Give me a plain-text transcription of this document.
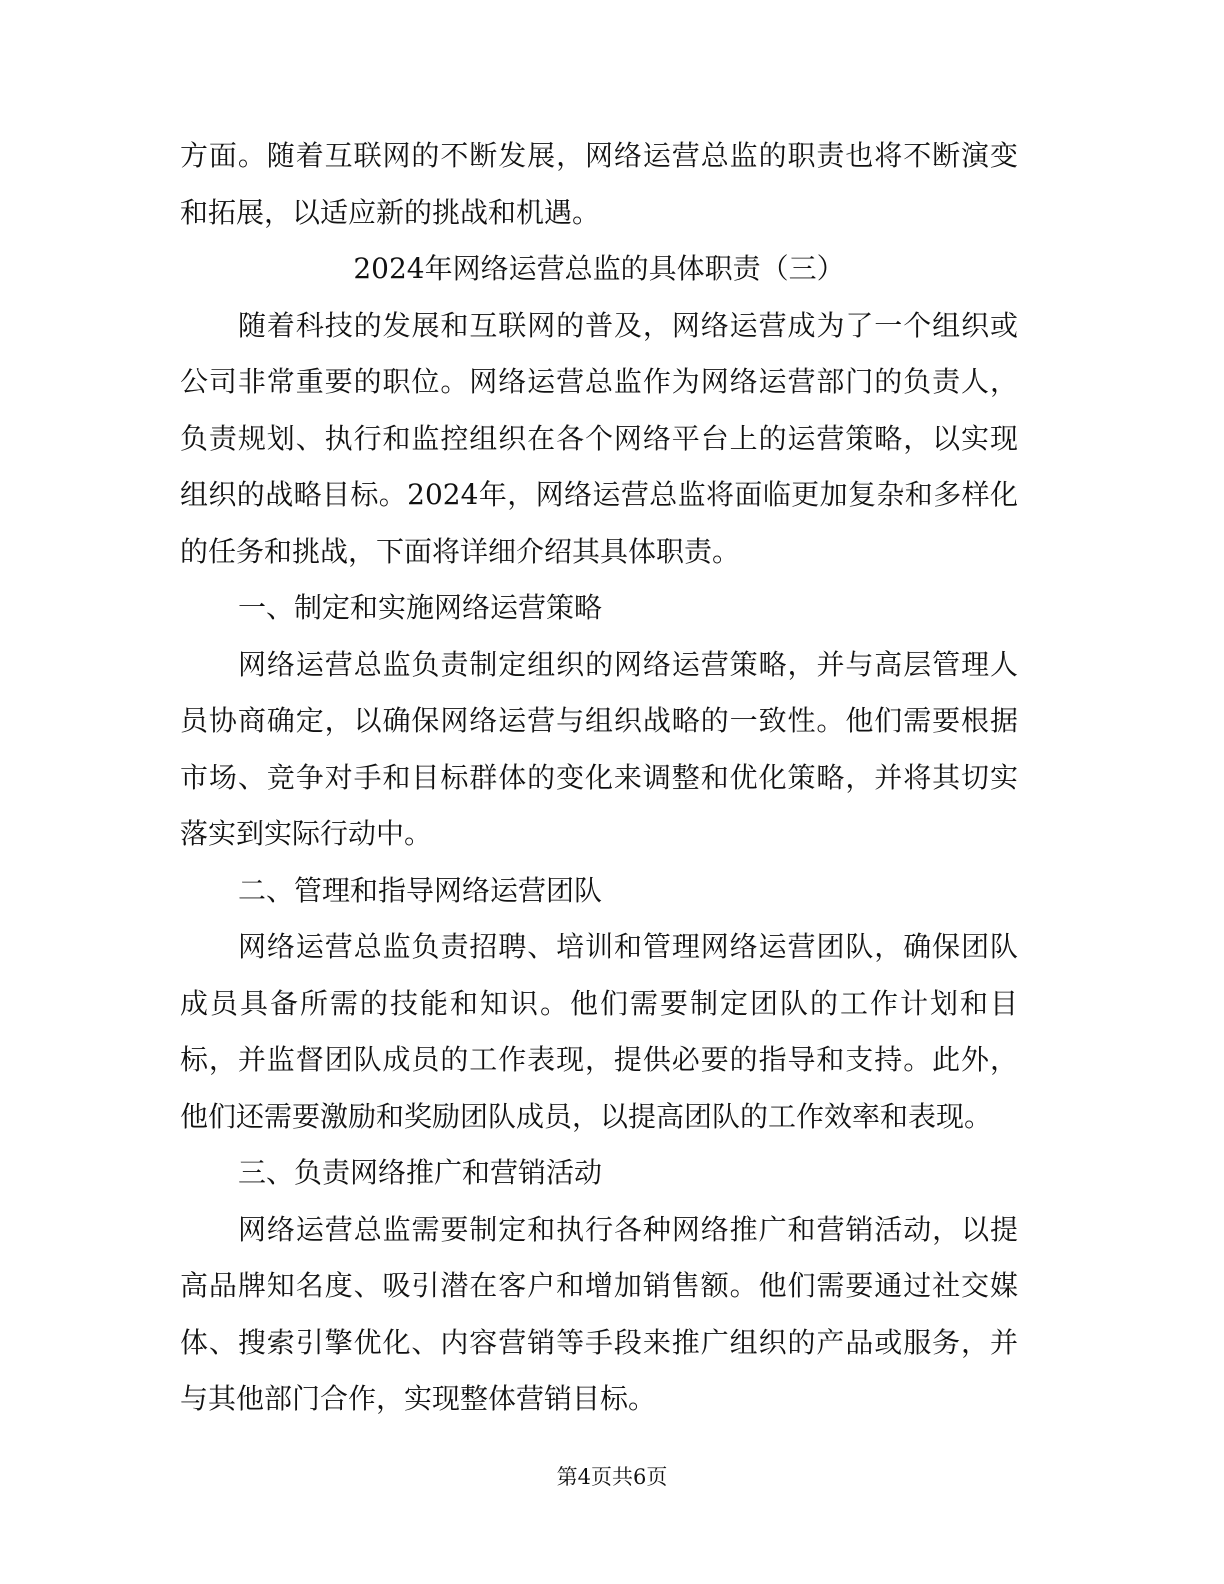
方面。随着互联网的不断发展，网络运营总监的职责也将不断演变和拓展，以适应新的挑战和机遇。

2024年网络运营总监的具体职责（三）

随着科技的发展和互联网的普及，网络运营成为了一个组织或公司非常重要的职位。网络运营总监作为网络运营部门的负责人，负责规划、执行和监控组织在各个网络平台上的运营策略，以实现组织的战略目标。2024年，网络运营总监将面临更加复杂和多样化的任务和挑战，下面将详细介绍其具体职责。

一、制定和实施网络运营策略

网络运营总监负责制定组织的网络运营策略，并与高层管理人员协商确定，以确保网络运营与组织战略的一致性。他们需要根据市场、竞争对手和目标群体的变化来调整和优化策略，并将其切实落实到实际行动中。

二、管理和指导网络运营团队

网络运营总监负责招聘、培训和管理网络运营团队，确保团队成员具备所需的技能和知识。他们需要制定团队的工作计划和目标，并监督团队成员的工作表现，提供必要的指导和支持。此外，他们还需要激励和奖励团队成员，以提高团队的工作效率和表现。

三、负责网络推广和营销活动

网络运营总监需要制定和执行各种网络推广和营销活动，以提高品牌知名度、吸引潜在客户和增加销售额。他们需要通过社交媒体、搜索引擎优化、内容营销等手段来推广组织的产品或服务，并与其他部门合作，实现整体营销目标。

第4页共6页
